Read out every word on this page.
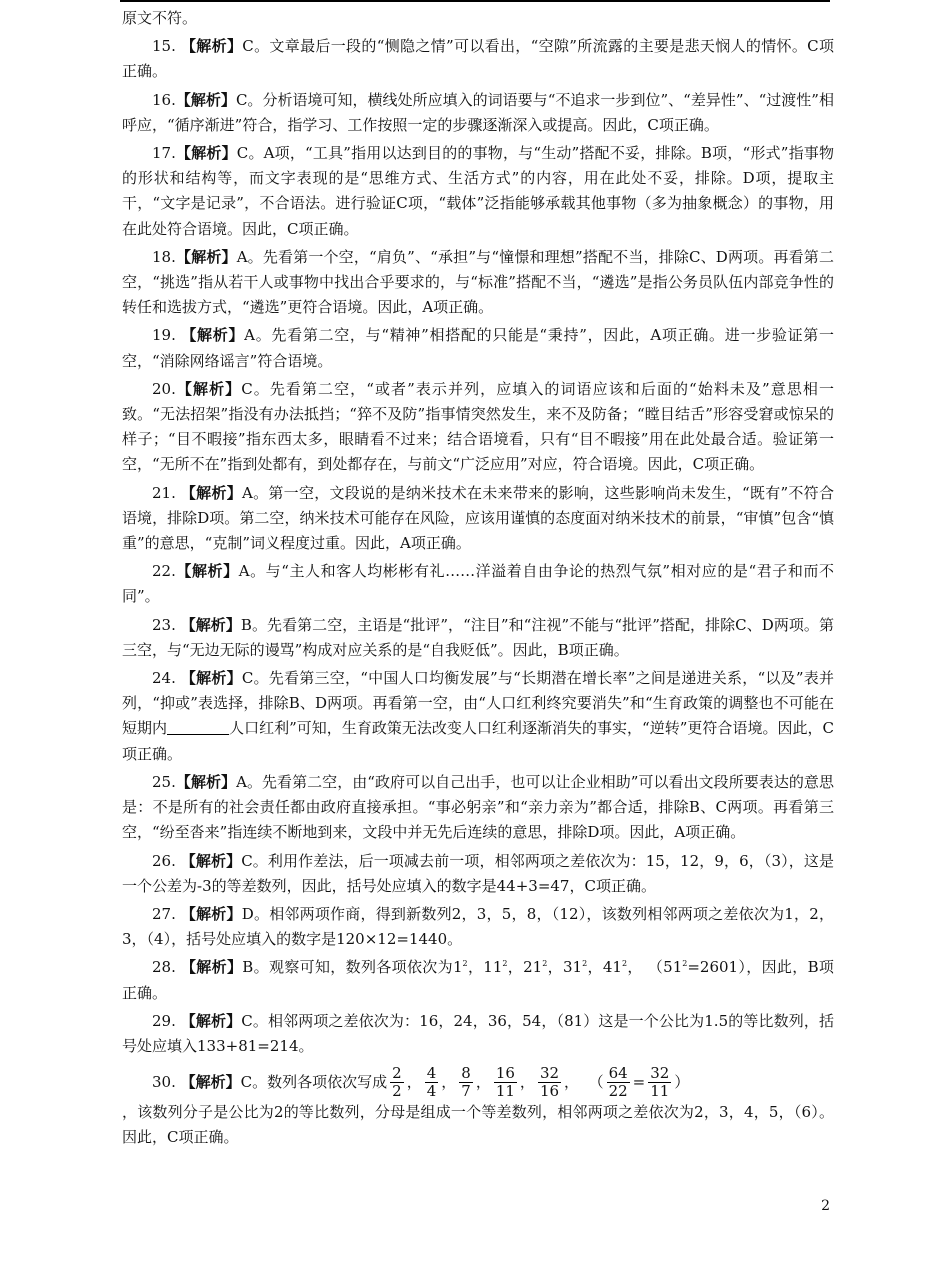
原文不符。

15. 【解析】C。文章最后一段的“恻隐之情”可以看出，“空隙”所流露的主要是悲天悯人的情怀。C项正确。

16.【解析】C。分析语境可知，横线处所应填入的词语要与“不追求一步到位”、“差异性”、“过渡性”相呼应，“循序渐进”符合，指学习、工作按照一定的步骤逐渐深入或提高。因此，C项正确。

17.【解析】C。A项，“工具”指用以达到目的的事物，与“生动”搭配不妥，排除。B项，“形式”指事物的形状和结构等，而文字表现的是“思维方式、生活方式”的内容，用在此处不妥，排除。D项，提取主干，“文字是记录”，不合语法。进行验证C项，“载体”泛指能够承载其他事物（多为抽象概念）的事物，用在此处符合语境。因此，C项正确。

18.【解析】A。先看第一个空，“肩负”、“承担”与“憧憬和理想”搭配不当，排除C、D两项。再看第二空，“挑选”指从若干人或事物中找出合乎要求的，与“标准”搭配不当，“遴选”是指公务员队伍内部竞争性的转任和选拔方式，“遴选”更符合语境。因此，A项正确。

19. 【解析】A。先看第二空，与“精神”相搭配的只能是“秉持”，因此，A项正确。进一步验证第一空，“消除网络谣言”符合语境。

20.【解析】C。先看第二空，“或者”表示并列，应填入的词语应该和后面的“始料未及”意思相一致。“无法招架”指没有办法抵挡；“猝不及防”指事情突然发生，来不及防备；“瞠目结舌”形容受窘或惊呆的样子；“目不暇接”指东西太多，眼睛看不过来；结合语境看，只有“目不暇接”用在此处最合适。验证第一空，“无所不在”指到处都有，到处都存在，与前文“广泛应用”对应，符合语境。因此，C项正确。

21. 【解析】A。第一空，文段说的是纳米技术在未来带来的影响，这些影响尚未发生，“既有”不符合语境，排除D项。第二空，纳米技术可能存在风险，应该用谨慎的态度面对纳米技术的前景，“审慎”包含“慎重”的意思，“克制”词义程度过重。因此，A项正确。

22.【解析】A。与“主人和客人均彬彬有礼……洋溢着自由争论的热烈气氛”相对应的是“君子和而不同”。

23. 【解析】B。先看第二空，主语是“批评”，“注目”和“注视”不能与“批评”搭配，排除C、D两项。第三空，与“无边无际的谩骂”构成对应关系的是“自我贬低”。因此，B项正确。

24. 【解析】C。先看第三空，“中国人口均衡发展”与“长期潜在增长率”之间是递进关系，“以及”表并列，“抑或”表选择，排除B、D两项。再看第一空，由“人口红利终究要消失”和“生育政策的调整也不可能在短期内	人口红利”可知，生育政策无法改变人口红利逐渐消失的事实，“逆转”更符合语境。因此，C项正确。

25.【解析】A。先看第二空，由“政府可以自己出手，也可以让企业相助”可以看出文段所要表达的意思是：不是所有的社会责任都由政府直接承担。“事必躬亲”和“亲力亲为”都合适，排除B、C两项。再看第三空，“纷至沓来”指连续不断地到来，文段中并无先后连续的意思，排除D项。因此，A项正确。

26. 【解析】C。利用作差法，后一项减去前一项，相邻两项之差依次为：15，12，9，6，（3），这是一个公差为-3的等差数列，因此，括号处应填入的数字是44+3=47，C项正确。

27. 【解析】D。相邻两项作商，得到新数列2，3，5，8，（12），该数列相邻两项之差依次为1，2，3，（4），括号处应填入的数字是120×12=1440。

28. 【解析】B。观察可知，数列各项依次为$1^2$，$11^2$，$21^2$，$31^2$，$41^2$， $(51^2=2601)$，因此，B项正确。

29. 【解析】C。相邻两项之差依次为：16，24，36，54，（81）这是一个公比为1.5的等比数列，括号处应填入133+81=214。

30.
【解析】 C。数列各项依次写成 $\frac{2}{2}$ ， $\frac{4}{4}$ ， $\frac{8}{7}$ ， $\frac{16}{11}$ ， $\frac{32}{16}$ ，  （ $\frac{64}{22} = \frac{32}{11}$ ）

，该数列分子是公比为2的等比数列，分母是组成一个等差数列，相邻两项之差依次为2，3，4，5，（6）。因此，C项正确。

2
